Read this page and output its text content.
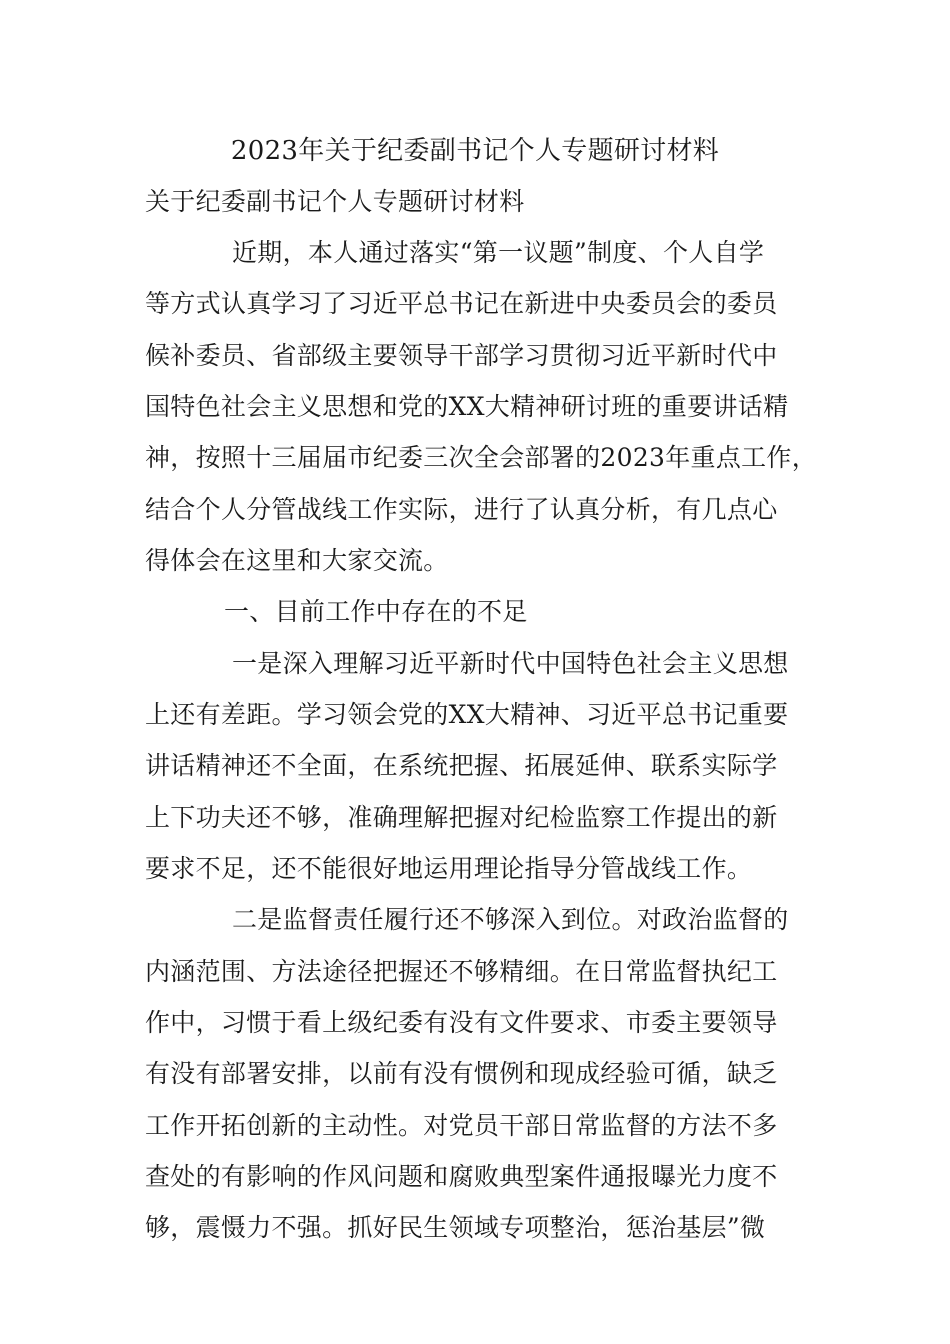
2023年关于纪委副书记个人专题研讨材料
关于纪委副书记个人专题研讨材料
近期，本人通过落实“第一议题”制度、个人自学
等方式认真学习了习近平总书记在新进中央委员会的委员
候补委员、省部级主要领导干部学习贯彻习近平新时代中
国特色社会主义思想和党的XX大精神研讨班的重要讲话精
神，按照十三届届市纪委三次全会部署的2023年重点工作，
结合个人分管战线工作实际，进行了认真分析，有几点心
得体会在这里和大家交流。
一、目前工作中存在的不足
一是深入理解习近平新时代中国特色社会主义思想
上还有差距。学习领会党的XX大精神、习近平总书记重要
讲话精神还不全面，在系统把握、拓展延伸、联系实际学
上下功夫还不够，准确理解把握对纪检监察工作提出的新
要求不足，还不能很好地运用理论指导分管战线工作。
二是监督责任履行还不够深入到位。对政治监督的
内涵范围、方法途径把握还不够精细。在日常监督执纪工
作中，习惯于看上级纪委有没有文件要求、市委主要领导
有没有部署安排，以前有没有惯例和现成经验可循，缺乏
工作开拓创新的主动性。对党员干部日常监督的方法不多
查处的有影响的作风问题和腐败典型案件通报曝光力度不
够，震慑力不强。抓好民生领域专项整治，惩治基层”微
